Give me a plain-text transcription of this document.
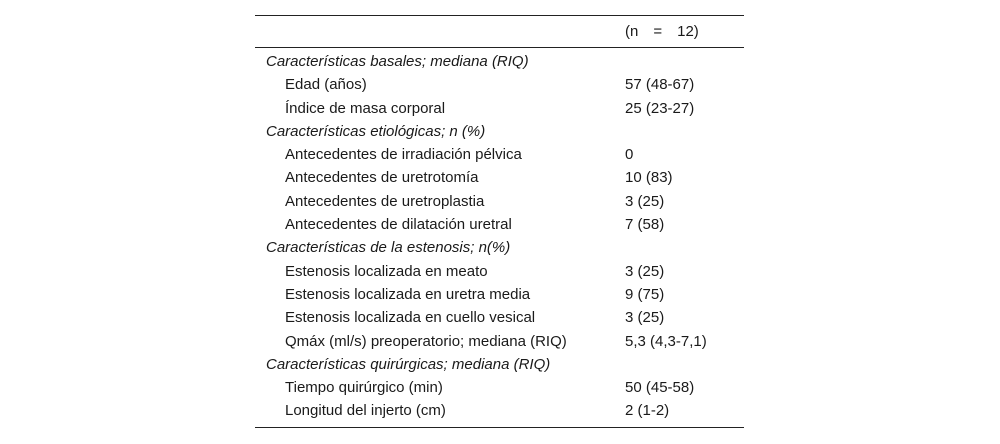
(n = 12)
Características basales; mediana (RIQ)
Edad (años)	57 (48-67)
Índice de masa corporal	25 (23-27)
Características etiológicas; n (%)
Antecedentes de irradiación pélvica	0
Antecedentes de uretrotomía	10 (83)
Antecedentes de uretroplastia	3 (25)
Antecedentes de dilatación uretral	7 (58)
Características de la estenosis; n(%)
Estenosis localizada en meato	3 (25)
Estenosis localizada en uretra media	9 (75)
Estenosis localizada en cuello vesical	3 (25)
Qmáx (ml/s) preoperatorio; mediana (RIQ)	5,3 (4,3-7,1)
Características quirúrgicas; mediana (RIQ)
Tiempo quirúrgico (min)	50 (45-58)
Longitud del injerto (cm)	2 (1-2)
